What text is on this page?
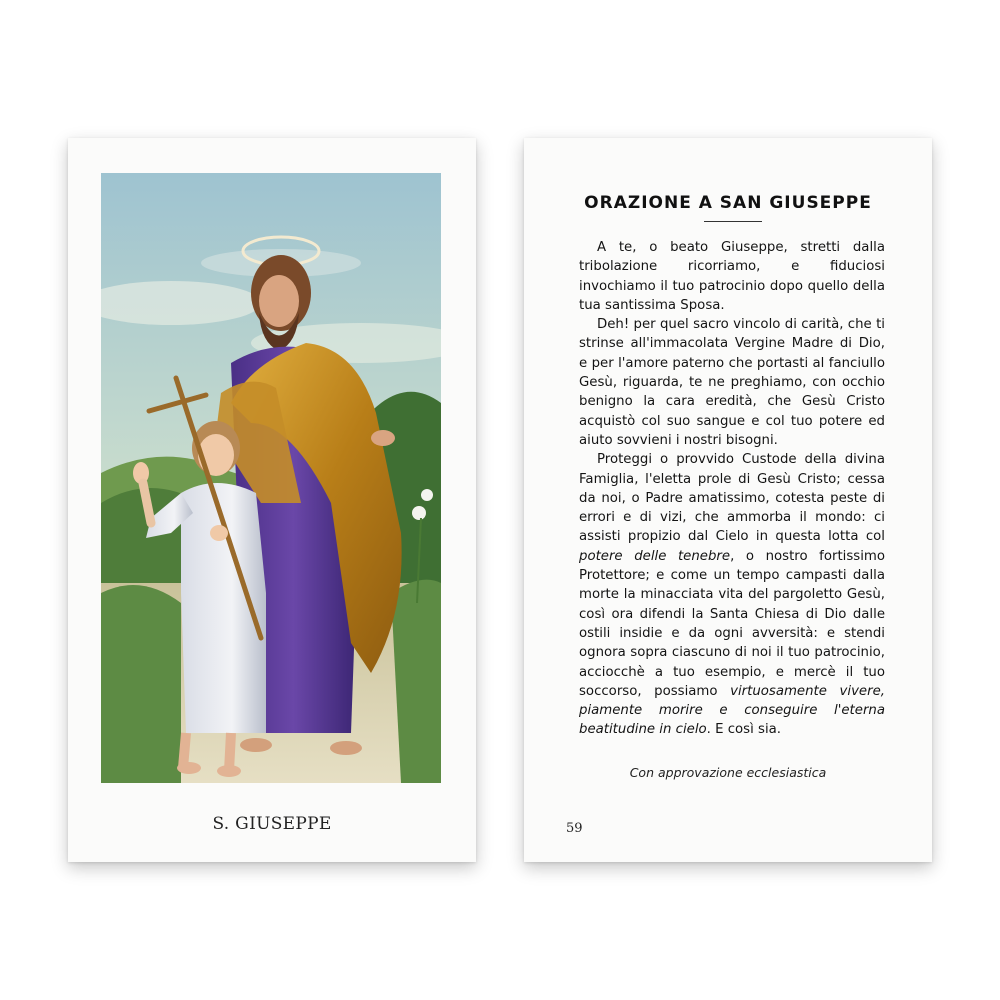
S. GIUSEPPE
ORAZIONE A SAN GIUSEPPE

A te, o beato Giuseppe, stretti dalla tribolazione ricorriamo, e fiduciosi invochiamo il tuo patrocinio dopo quello della tua santissima Sposa.

Deh! per quel sacro vincolo di carità, che ti strinse all'immacolata Vergine Madre di Dio, e per l'amore paterno che portasti al fanciullo Gesù, riguarda, te ne preghiamo, con occhio benigno la cara eredità, che Gesù Cristo acquistò col suo sangue e col tuo potere ed aiuto sovvieni i nostri bisogni.

Proteggi o provvido Custode della divina Famiglia, l'eletta prole di Gesù Cristo; cessa da noi, o Padre amatissimo, cotesta peste di errori e di vizi, che ammorba il mondo: ci assisti propizio dal Cielo in questa lotta col potere delle tenebre, o nostro fortissimo Protettore; e come un tempo campasti dalla morte la minacciata vita del pargoletto Gesù, così ora difendi la Santa Chiesa di Dio dalle ostili insidie e da ogni avversità: e stendi ognora sopra ciascuno di noi il tuo patrocinio, acciocchè a tuo esempio, e mercè il tuo soccorso, possiamo virtuosamente vivere, piamente morire e conseguire l'eterna beatitudine in cielo. E così sia.

Con approvazione ecclesiastica
59
